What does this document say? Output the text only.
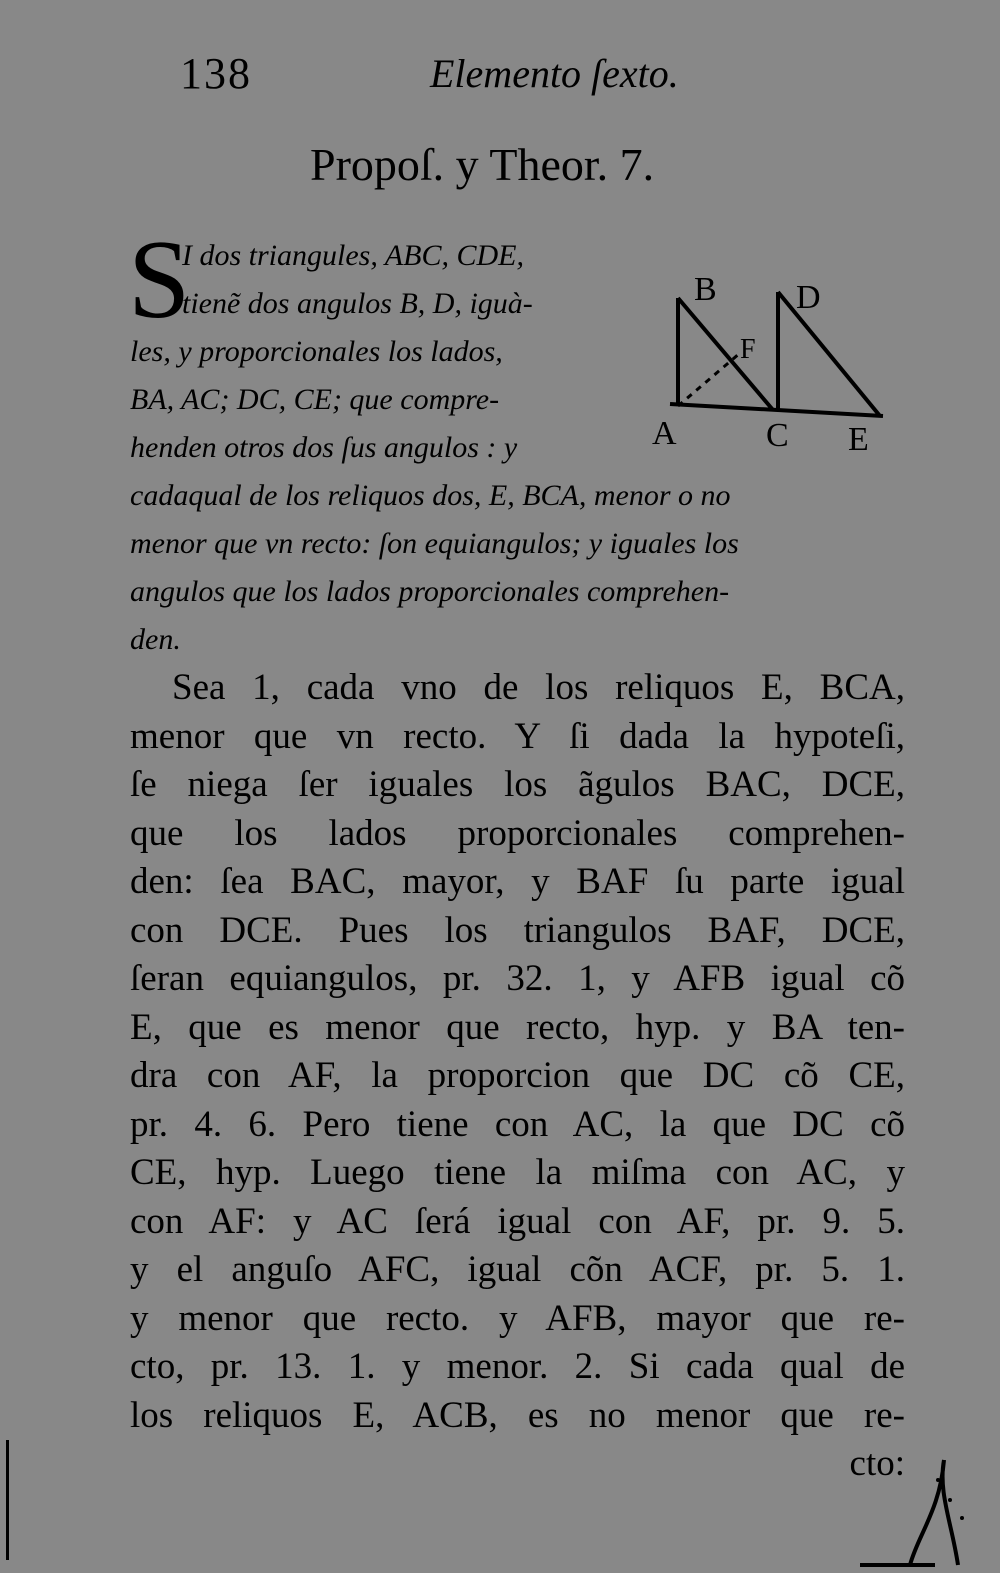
138	Elemento ſexto.
Propoſ. y Theor. 7.
S
I dos triangules, ABC, CDE,
tienẽ dos angulos B, D, iguà-
les, y proporcionales los lados,
BA, AC; DC, CE; que compre-
henden otros dos ſus angulos : y
cadaqual de los reliquos dos, E, BCA, menor o no
menor que vn recto: ſon equiangulos; y iguales los
angulos que los lados proporcionales comprehen-
den.
B D
F
A	C E
Sea 1, cada vno de los reliquos E, BCA,
menor que vn recto. Y ſi dada la hypoteſi,
ſe niega ſer iguales los ãgulos BAC, DCE,
que los lados proporcionales comprehen-
den: ſea BAC, mayor, y BAF ſu parte igual
con DCE. Pues los triangulos BAF, DCE,
ſeran equiangulos, pr. 32. 1, y AFB igual cõ
E, que es menor que recto, hyp. y BA ten-
dra con AF, la proporcion que DC cõ CE,
pr. 4. 6. Pero tiene con AC, la que DC cõ
CE, hyp. Luego tiene la miſma con AC, y
con AF: y AC ſerá igual con AF, pr. 9. 5.
y el anguſo AFC, igual cõn ACF, pr. 5. 1.
y menor que recto. y AFB, mayor que re-
cto, pr. 13. 1. y menor. 2. Si cada qual de
los reliquos E, ACB, es no menor que re-
cto:
